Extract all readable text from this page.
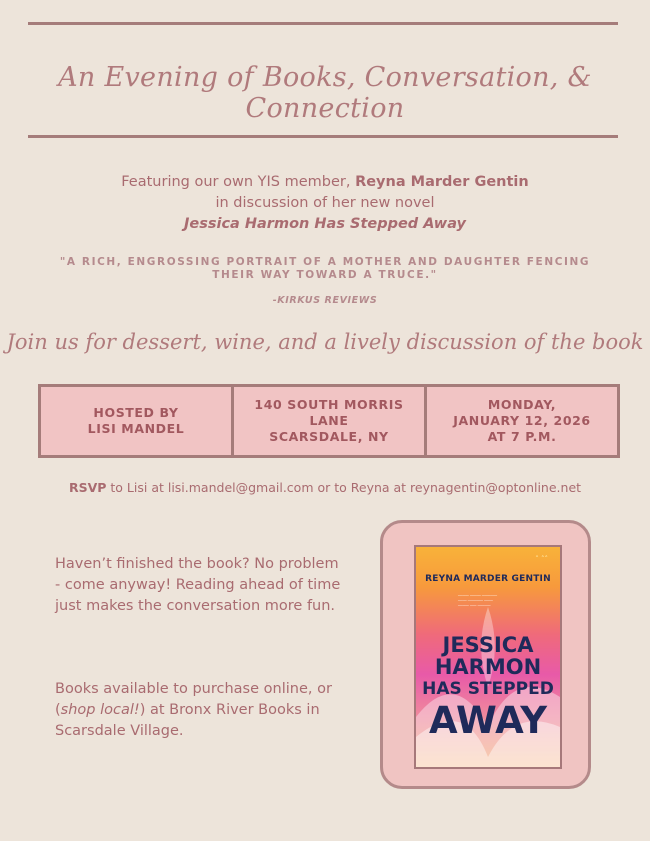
An Evening of Books, Conversation, & Connection
Featuring our own YIS member, Reyna Marder Gentin
in discussion of her new novel
Jessica Harmon Has Stepped Away
"A RICH, ENGROSSING PORTRAIT OF A MOTHER AND DAUGHTER FENCING THEIR WAY TOWARD A TRUCE."
-KIRKUS REVIEWS
Join us for dessert, wine, and a lively discussion of the book
HOSTED BY
LISI MANDEL
140 SOUTH MORRIS LANE
SCARSDALE, NY
MONDAY,
JANUARY 12, 2026
AT 7 P.M.
RSVP to Lisi at lisi.mandel@gmail.com or to Reyna at reynagentin@optonline.net
Haven’t finished the book? No problem - come anyway! Reading ahead of time just makes the conversation more fun.
Books available to purchase online, or (shop local!) at Bronx River Books in Scarsdale Village.
˄ ˄˄
REYNA MARDER GENTIN
───── ───── ───────
──── ─────── ────
───── ─── ──────
JESSICA
HARMON
HAS STEPPED
AWAY
